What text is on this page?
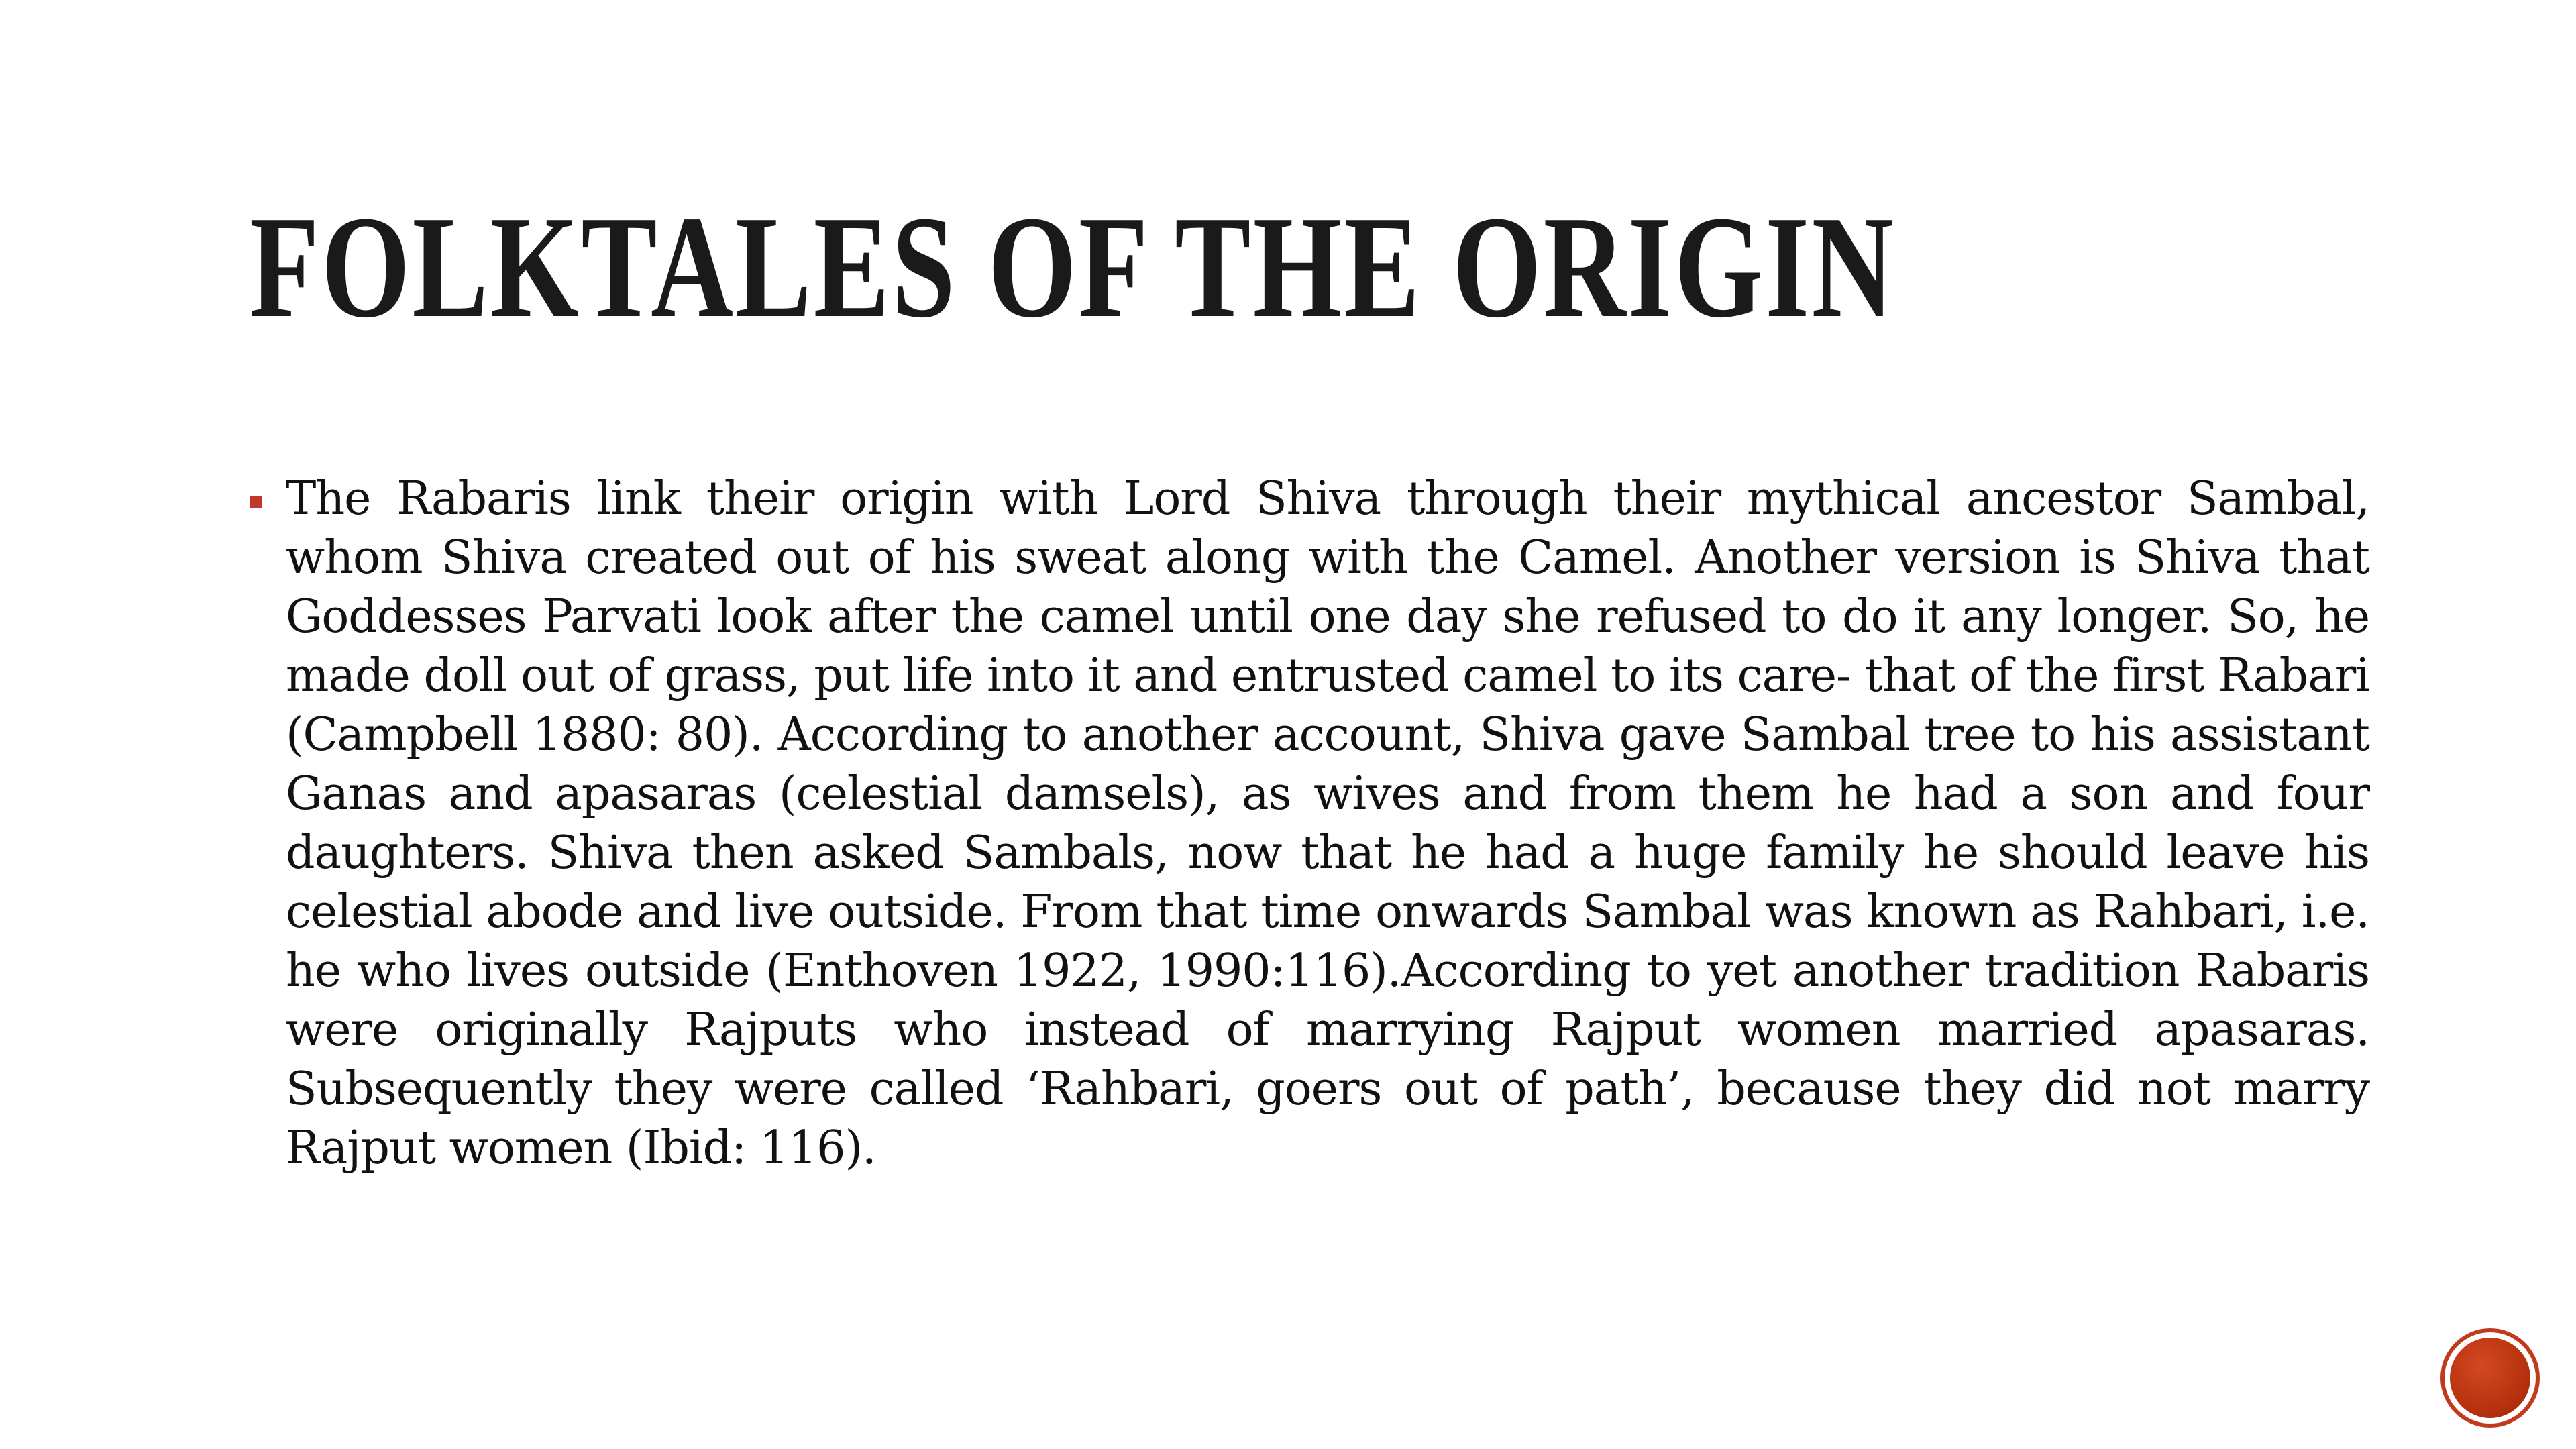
FOLKTALES OF THE ORIGIN

The Rabaris link their origin with Lord Shiva through their mythical ancestor Sambal, whom Shiva created out of his sweat along with the Camel. Another version is Shiva that Goddesses Parvati look after the camel until one day she refused to do it any longer. So, he made doll out of grass, put life into it and entrusted camel to its care- that of the first Rabari (Campbell 1880: 80). According to another account, Shiva gave Sambal tree to his assistant Ganas and apasaras (celestial damsels), as wives and from them he had a son and four daughters. Shiva then asked Sambals, now that he had a huge family he should leave his celestial abode and live outside. From that time onwards Sambal was known as Rahbari, i.e. he who lives outside (Enthoven 1922, 1990:116).According to yet another tradition Rabaris were originally Rajputs who instead of marrying Rajput women married apasaras. Subsequently they were called ‘Rahbari, goers out of path’, because they did not marry Rajput women (Ibid: 116).
